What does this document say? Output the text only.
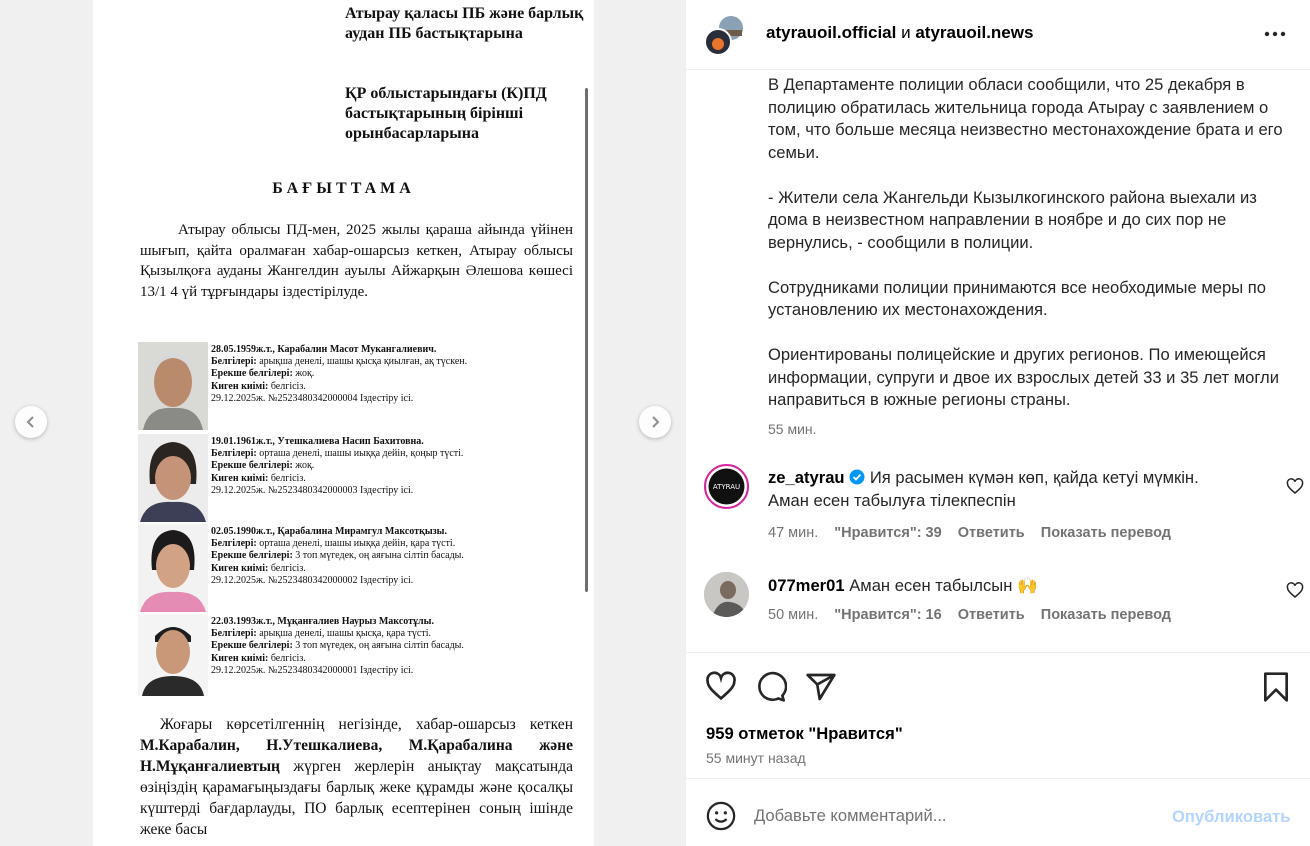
Атырау қаласы ПБ және барлық аудан ПБ бастықтарына
ҚР облыстарындағы (К)ПД бастықтарының бірінші орынбасарларына
БАҒЫТТАМА
Атырау облысы ПД-мен, 2025 жылы қараша айында үйінен шығып, қайта оралмаған хабар-ошарсыз кеткен, Атырау облысы Қызылқоға ауданы Жангелдин ауылы Айжарқын Әлешова көшесі 13/1 4 үй тұрғындары іздестірілуде.
28.05.1959ж.т., Карабалин Масот Мукангалиевич.
Белгілері: арықша денелі, шашы қысқа қиылған, ақ түскен.
Ерекше белгілері: жоқ.
Киген киімі: белгісіз.
29.12.2025ж. №2523480342000004 Іздестіру ісі.
19.01.1961ж.т., Утешкалиева Насип Бахитовна.
Белгілері: орташа денелі, шашы иыққа дейін, қоңыр түсті.
Ерекше белгілері: жоқ.
Киген киімі: белгісіз.
29.12.2025ж. №2523480342000003 Іздестіру ісі.
02.05.1990ж.т., Қарабалина Мирамгул Максотқызы.
Белгілері: орташа денелі, шашы иыққа дейін, қара түсті.
Ерекше белгілері: 3 топ мүгедек, оң аяғына сілтіп басады.
Киген киімі: белгісіз.
29.12.2025ж. №2523480342000002 Іздестіру ісі.
22.03.1993ж.т., Мұқанғалиев Наурыз Максотұлы.
Белгілері: арықша денелі, шашы қысқа, қара түсті.
Ерекше белгілері: 3 топ мүгедек, оң аяғына сілтіп басады.
Киген киімі: белгісіз.
29.12.2025ж. №2523480342000001 Іздестіру ісі.
Жоғары көрсетілгеннің негізінде, хабар-ошарсыз кеткен М.Карабалин, Н.Утешкалиева, М.Қарабалина және Н.Мұқанғалиевтың жүрген жерлерін анықтау мақсатында өзіңіздің қарамағыңыздағы барлық жеке құрамды және қосалқы күштерді бағдарлауды, ПО барлық есептерінен соның ішінде жеке басы
atyrauoil.official и atyrauoil.news
В Департаменте полиции облаcи сообщили, что 25 декабря в полицию обратилась жительница города Атырау с заявлением о том, что больше месяца неизвестно местонахождение брата и его семьи.

- Жители села Жангельди Кызылкогинского района выехали из дома в неизвестном направлении в ноябре и до сих пор не вернулись, - сообщили в полиции.

Сотрудниками полиции принимаются все необходимые меры по установлению их местонахождения.

Ориентированы полицейские и других регионов. По имеющейся информации, супруги и двое их взрослых детей 33 и 35 лет могли направиться в южные регионы страны.
55 мин.
ATYRAU ze_atyrau Ия расымен күмән көп, қайда кетуі мүмкін. Аман есен табылуға тілекпеспін
47 мин. "Нравится": 39 Ответить Показать перевод
077mer01 Аман есен табылсын 🙌
50 мин. "Нравится": 16 Ответить Показать перевод
959 отметок "Нравится"
55 минут назад
Добавьте комментарий...
Опубликовать
